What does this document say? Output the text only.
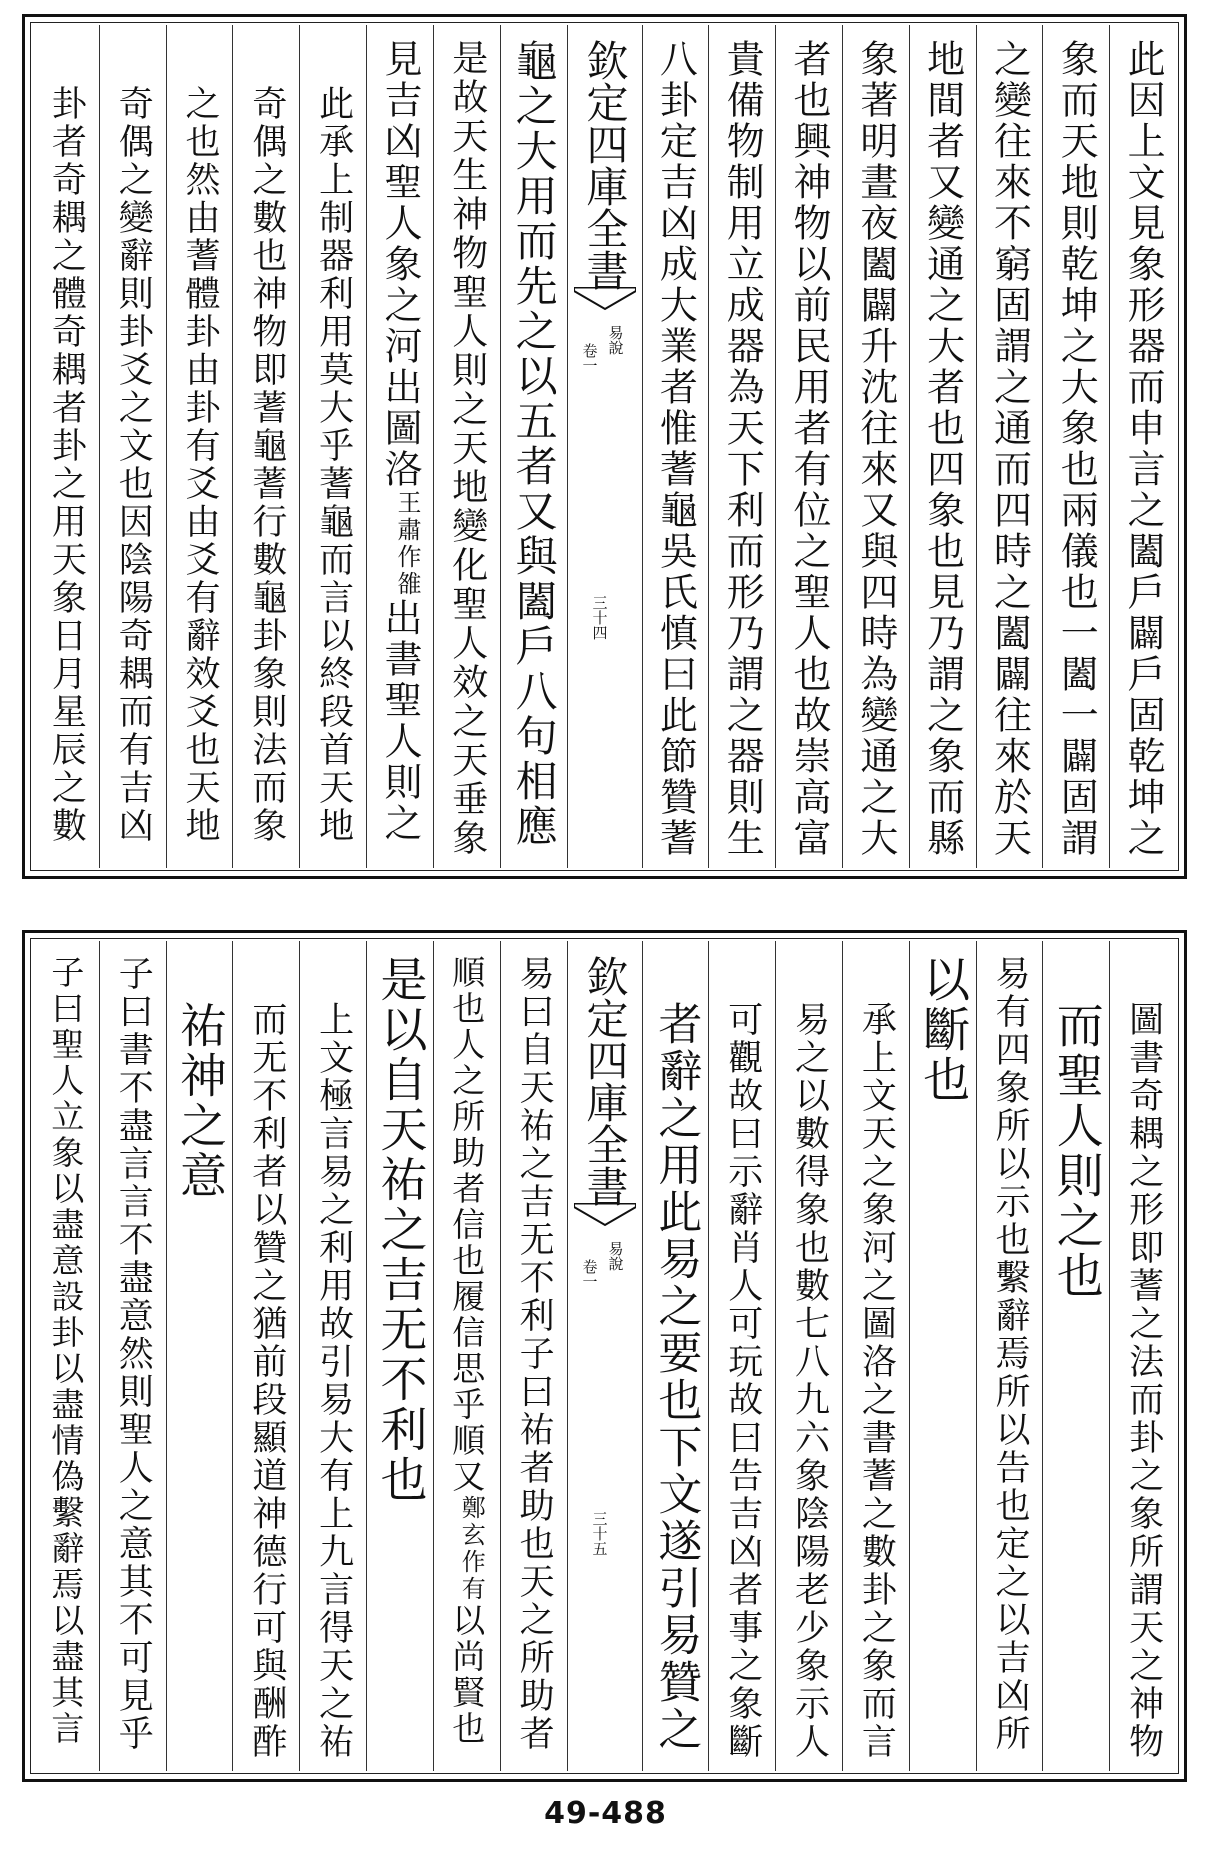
此因上文見象形器而申言之闔戶闢戶固乾坤之
象而天地則乾坤之大象也兩儀也一闔一闢固謂
之變往來不窮固謂之通而四時之闔闢往來於天
地間者又變通之大者也四象也見乃謂之象而縣
象著明晝夜闔闢升沈往來又與四時為變通之大
者也興神物以前民用者有位之聖人也故崇高富
貴備物制用立成器為天下利而形乃謂之器則生
八卦定吉凶成大業者惟蓍龜吳氏慎曰此節贊蓍
欽定四庫全書
易說
卷一
三十四
龜之大用而先之以五者又與闔戶八句相應
是故天生神物聖人則之天地變化聖人效之天垂象
見吉凶聖人象之河出圖洛王肅作雒出書聖人則之
此承上制器利用莫大乎蓍龜而言以終段首天地
奇偶之數也神物即蓍龜蓍行數龜卦象則法而象
之也然由蓍體卦由卦有爻由爻有辭效爻也天地
奇偶之變辭則卦爻之文也因陰陽奇耦而有吉凶
卦者奇耦之體奇耦者卦之用天象日月星辰之數
圖書奇耦之形即蓍之法而卦之象所謂天之神物
而聖人則之也
易有四象所以示也繫辭焉所以告也定之以吉凶所
以斷也
承上文天之象河之圖洛之書蓍之數卦之象而言
易之以數得象也數七八九六象陰陽老少象示人
可觀故曰示辭肖人可玩故曰告吉凶者事之象斷
者辭之用此易之要也下文遂引易贊之
欽定四庫全書
易說
卷一
三十五
易曰自天祐之吉无不利子曰祐者助也天之所助者
順也人之所助者信也履信思乎順又鄭玄作有以尚賢也
是以自天祐之吉无不利也
上文極言易之利用故引易大有上九言得天之祐
而无不利者以贊之猶前段顯道神德行可與酬酢
祐神之意
子曰書不盡言言不盡意然則聖人之意其不可見乎
子曰聖人立象以盡意設卦以盡情偽繫辭焉以盡其言
49-488
